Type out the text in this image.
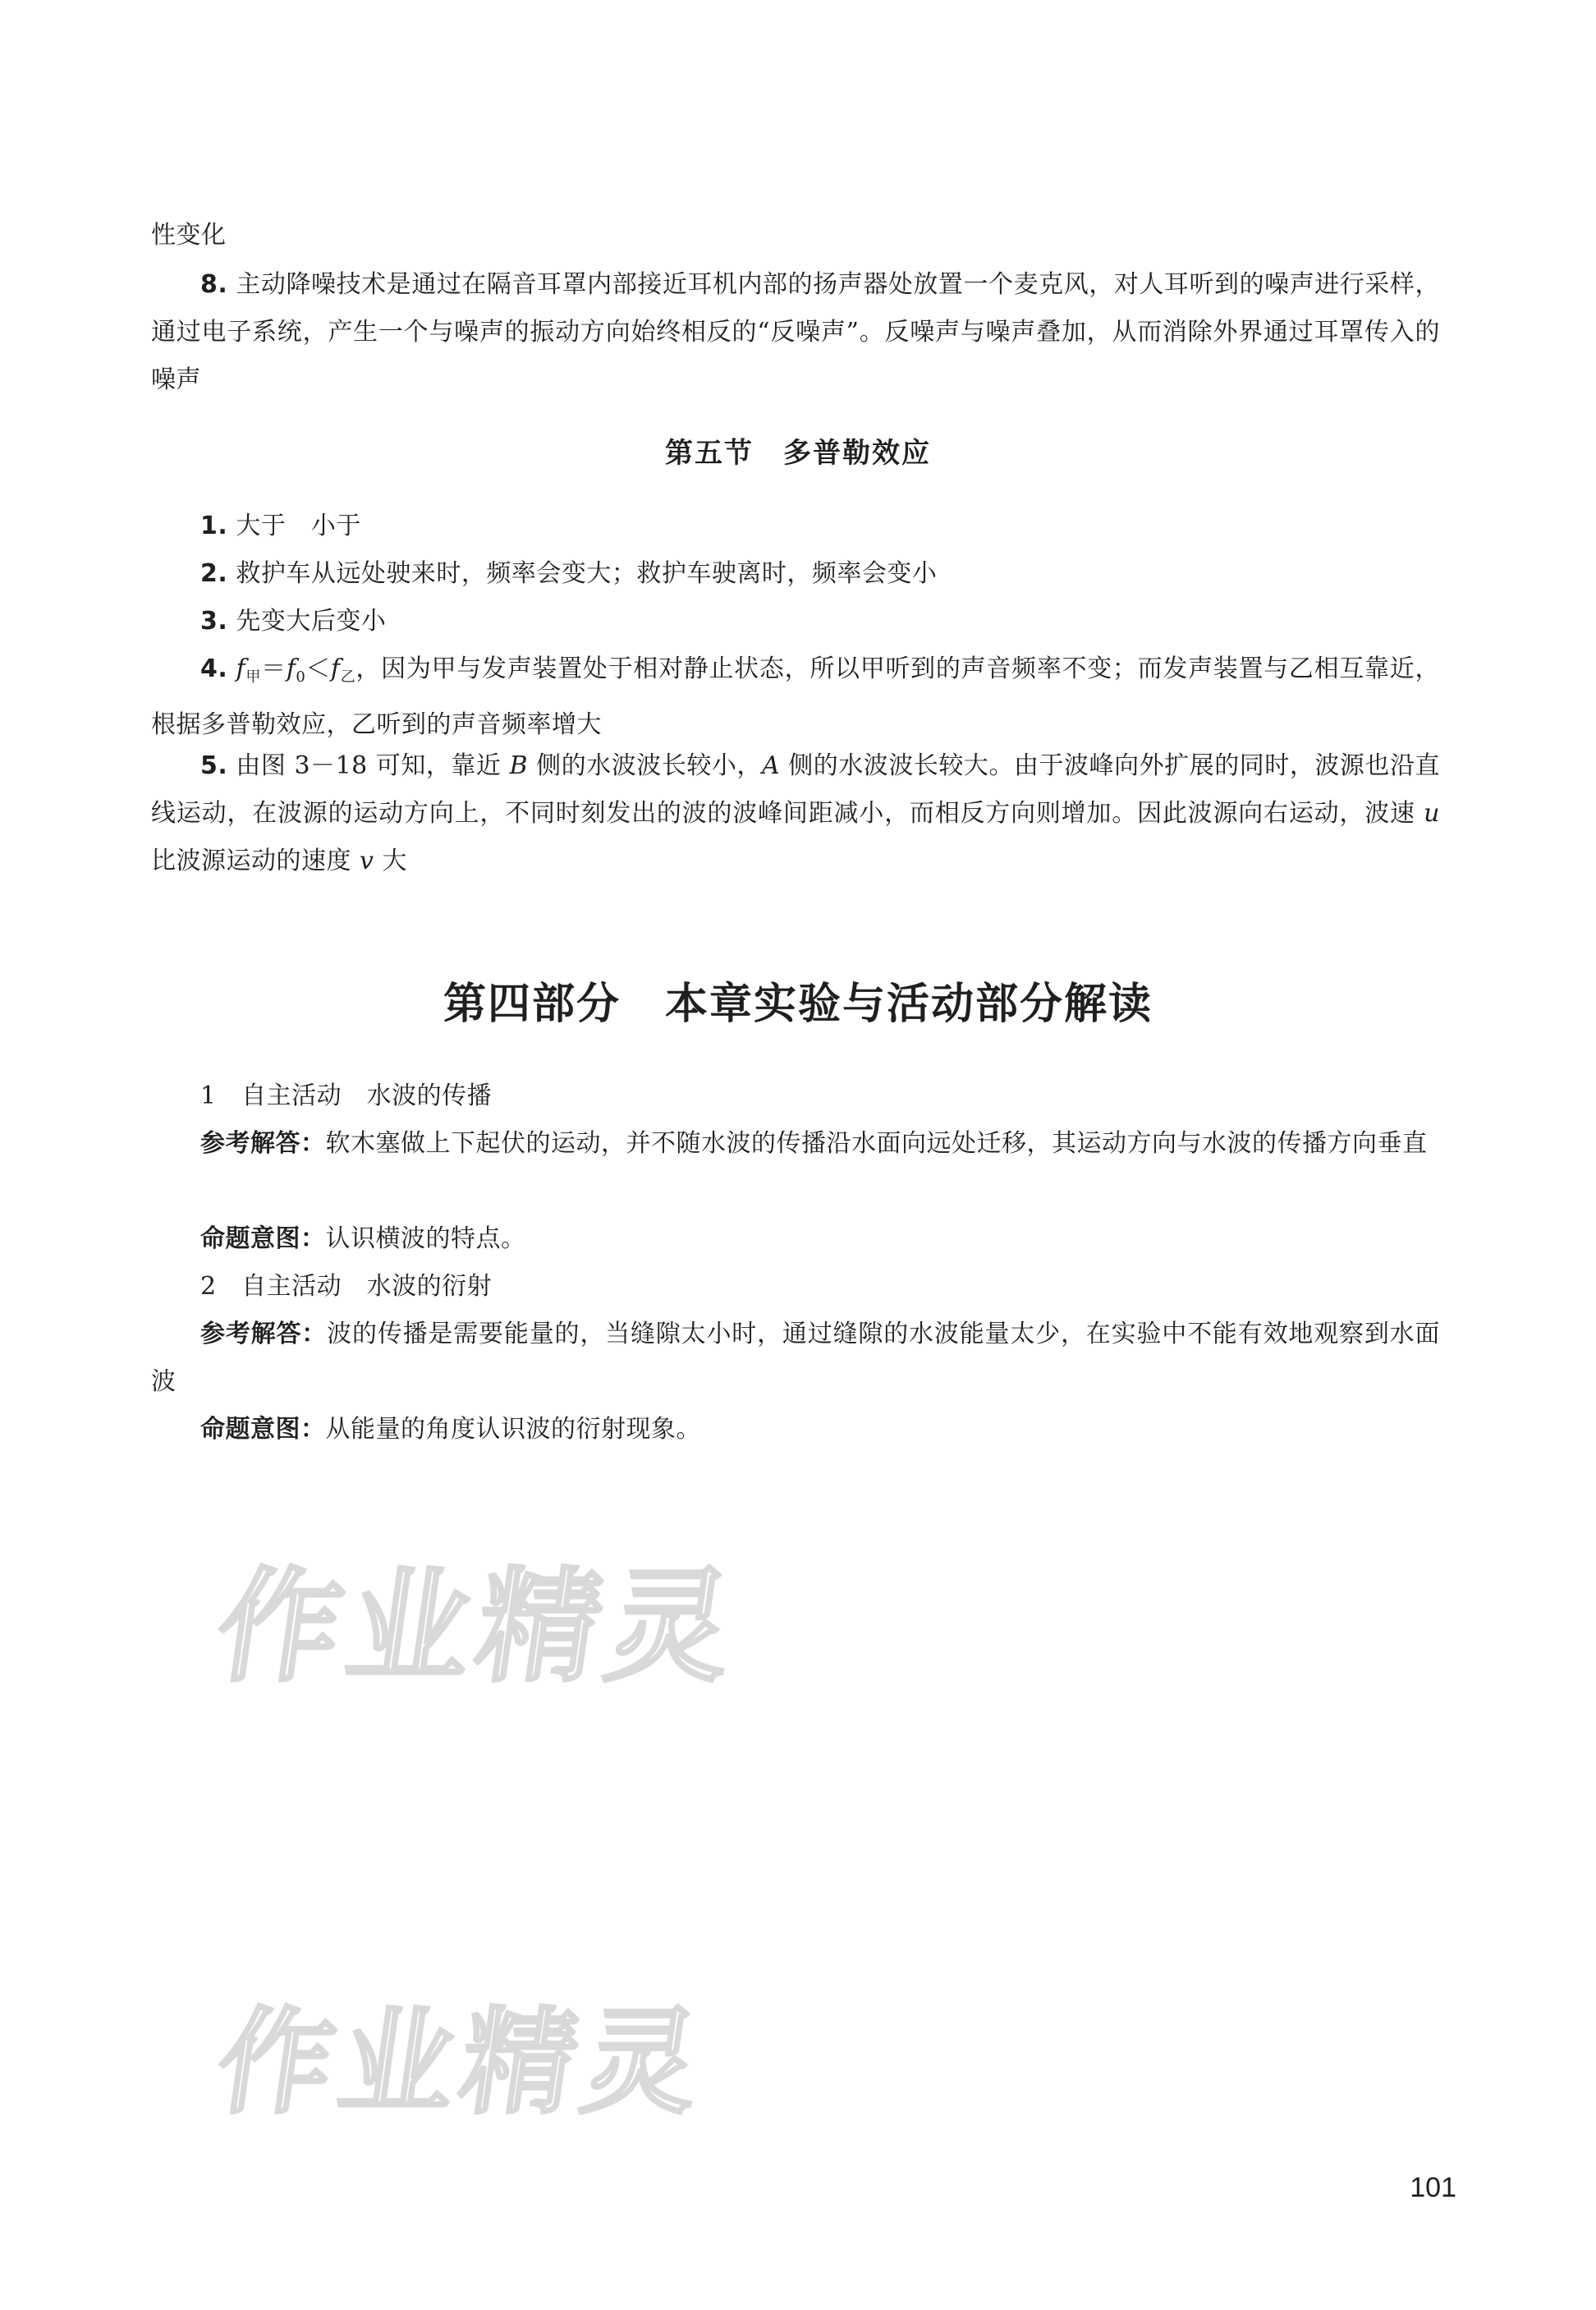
性变化
8. 主动降噪技术是通过在隔音耳罩内部接近耳机内部的扬声器处放置一个麦克风，对人耳听到的噪声进行采样，通过电子系统，产生一个与噪声的振动方向始终相反的“反噪声”。反噪声与噪声叠加，从而消除外界通过耳罩传入的噪声
第五节　多普勒效应
1. 大于　小于
2. 救护车从远处驶来时，频率会变大；救护车驶离时，频率会变小
3. 先变大后变小
4. $f_甲=f_0<f_乙$，因为甲与发声装置处于相对静止状态，所以甲听到的声音频率不变；而发声装置与乙相互靠近，根据多普勒效应，乙听到的声音频率增大
5. 由图 3－18 可知，靠近 B 侧的水波波长较小，A 侧的水波波长较大。由于波峰向外扩展的同时，波源也沿直线运动，在波源的运动方向上，不同时刻发出的波的波峰间距减小，而相反方向则增加。因此波源向右运动，波速 u 比波源运动的速度 v 大
第四部分　本章实验与活动部分解读
1　自主活动　水波的传播
参考解答：软木塞做上下起伏的运动，并不随水波的传播沿水面向远处迁移，其运动方向与水波的传播方向垂直
命题意图：认识横波的特点。
2　自主活动　水波的衍射
参考解答：波的传播是需要能量的，当缝隙太小时，通过缝隙的水波能量太少，在实验中不能有效地观察到水面波
命题意图：从能量的角度认识波的衍射现象。
作业精灵
作业精灵
101
